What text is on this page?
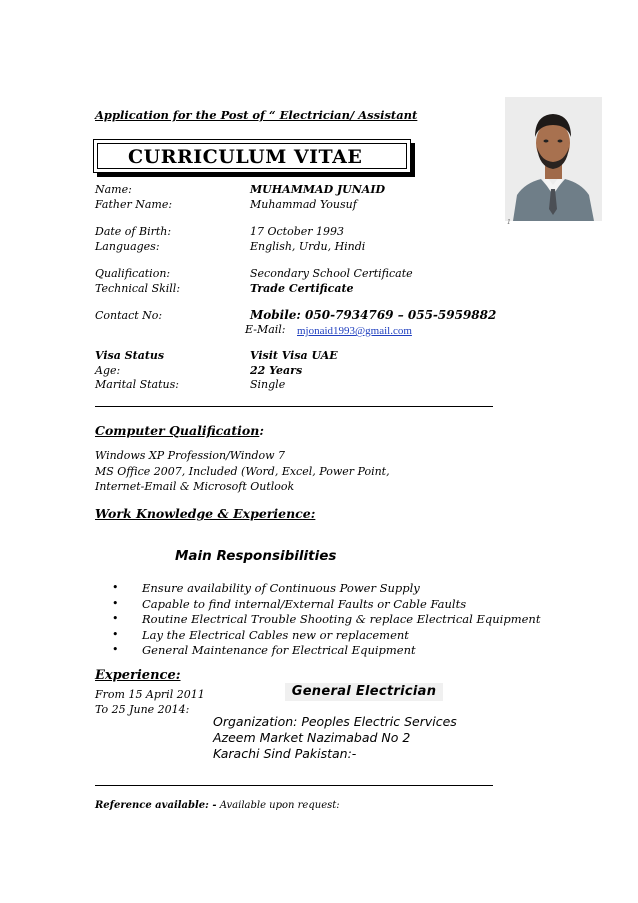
Application for the Post of “ Electrician/ Assistant
CURRICULUM VITAE
1
Name:	MUHAMMAD JUNAID
Father Name:	Muhammad Yousuf
Date of Birth:	17 October 1993
Languages:	English, Urdu, Hindi
Qualification:	Secondary School Certificate
Technical Skill:	Trade Certificate
Contact No:	Mobile: 050-7934769 – 055-5959882
E-Mail: mjonaid1993@gmail.com
Visa Status	Visit Visa UAE
Age:	22 Years
Marital Status:	Single
Computer Qualification:
Windows XP Profession/Window 7
MS Office 2007, Included (Word, Excel, Power Point,
Internet-Email & Microsoft Outlook
Work Knowledge & Experience:
Main Responsibilities
• Ensure availability of Continuous Power Supply
• Capable to find internal/External Faults or Cable Faults
• Routine Electrical Trouble Shooting & replace Electrical Equipment
• Lay the Electrical Cables new or replacement
• General Maintenance for Electrical Equipment
Experience:
From 15 April 2011
To 25 June 2014:
General Electrician
Organization: Peoples Electric Services
Azeem Market Nazimabad No 2
Karachi Sind Pakistan:-
Reference available: - Available upon request:
